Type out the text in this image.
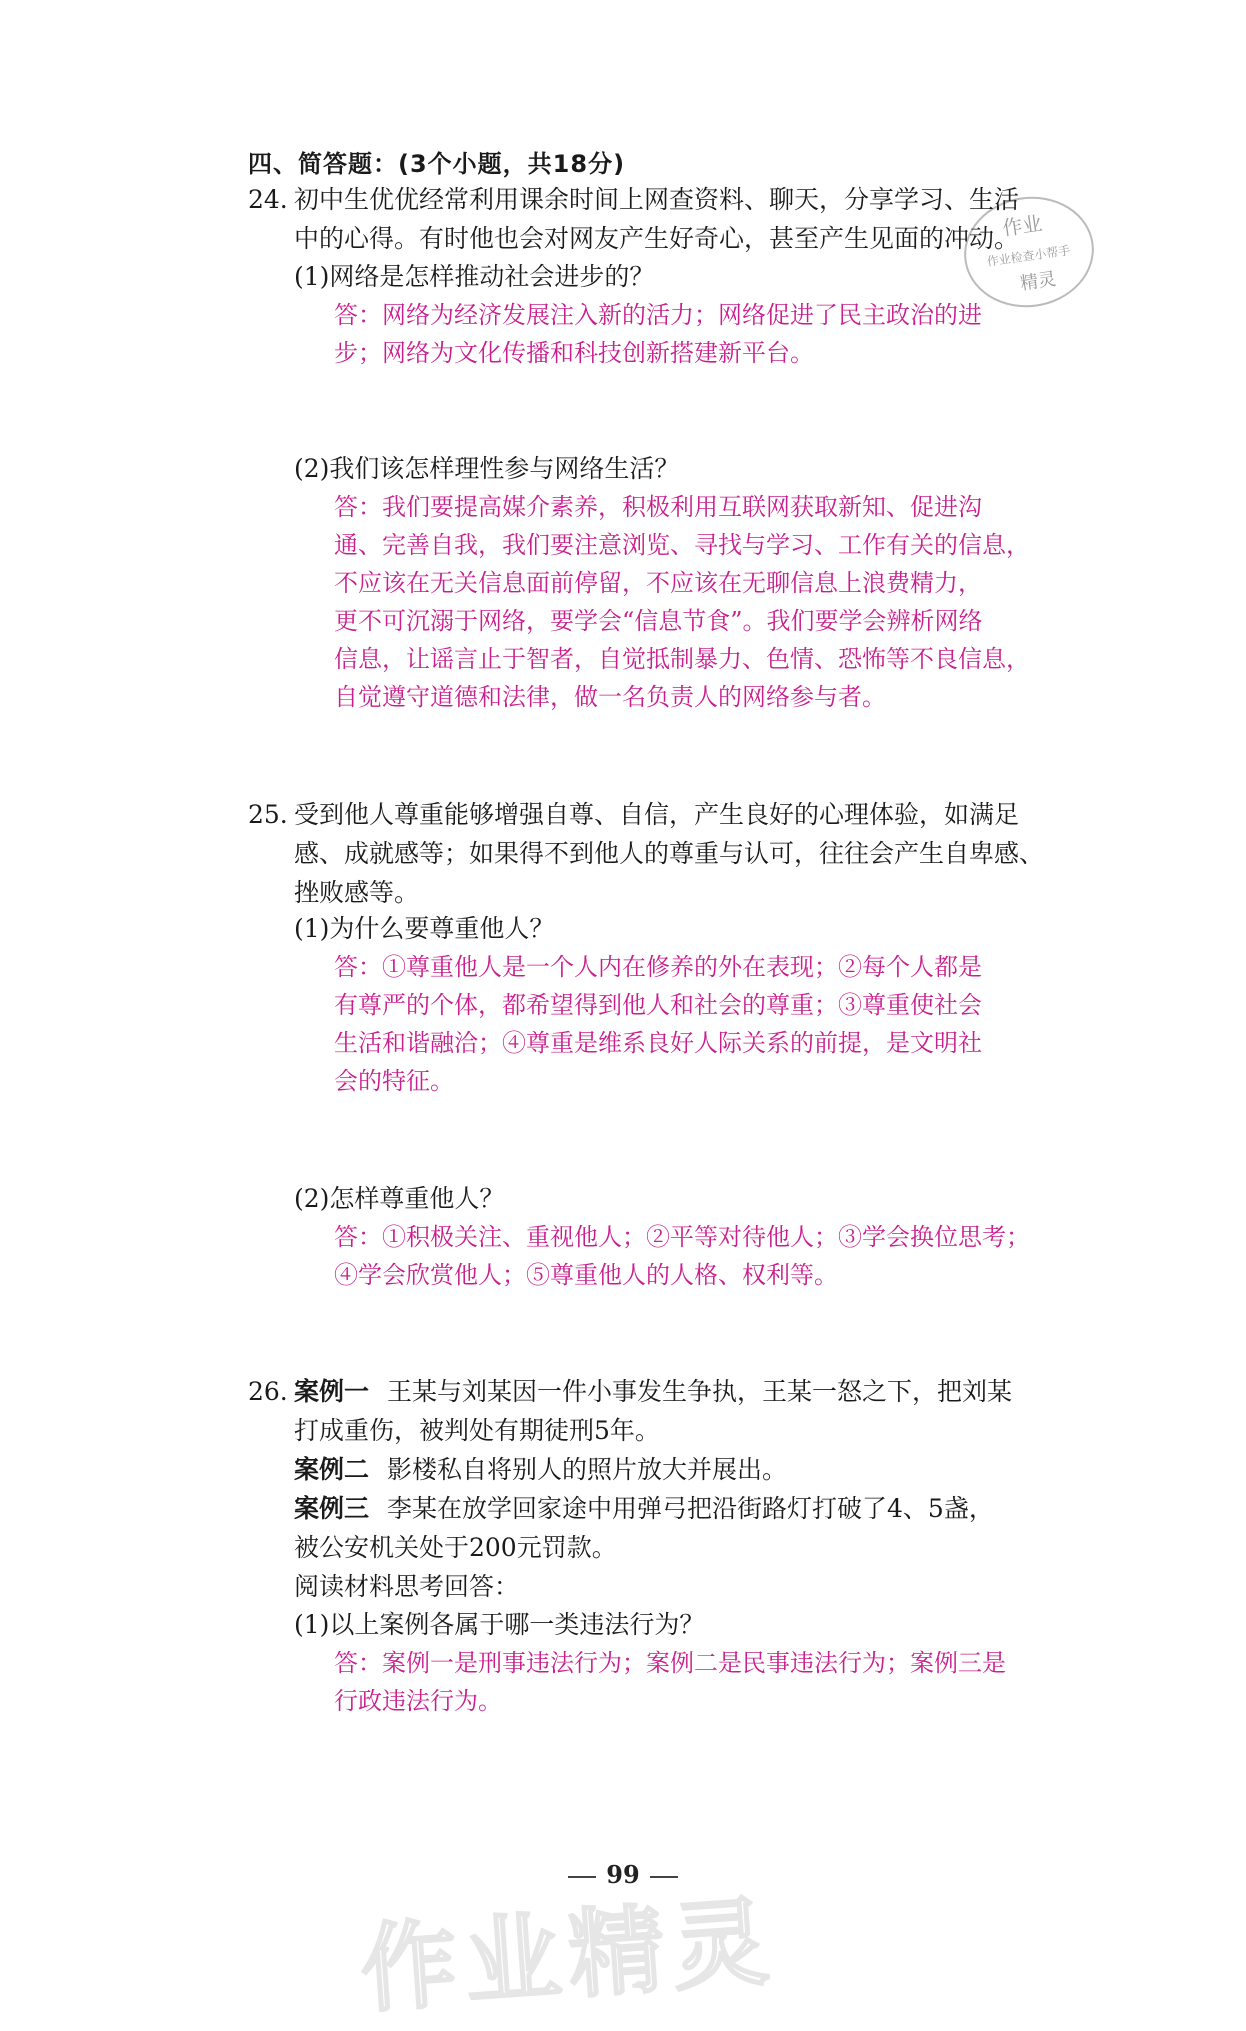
四、简答题：(3个小题，共18分)
作业
作业检查小帮手
精灵
24. 初中生优优经常利用课余时间上网查资料、聊天，分享学习、生活
中的心得。有时他也会对网友产生好奇心，甚至产生见面的冲动。
(1)网络是怎样推动社会进步的？
答：网络为经济发展注入新的活力；网络促进了民主政治的进
步；网络为文化传播和科技创新搭建新平台。
(2)我们该怎样理性参与网络生活？
答：我们要提高媒介素养，积极利用互联网获取新知、促进沟
通、完善自我，我们要注意浏览、寻找与学习、工作有关的信息，
不应该在无关信息面前停留，不应该在无聊信息上浪费精力，
更不可沉溺于网络，要学会“信息节食”。我们要学会辨析网络
信息，让谣言止于智者，自觉抵制暴力、色情、恐怖等不良信息，
自觉遵守道德和法律，做一名负责人的网络参与者。
25. 受到他人尊重能够增强自尊、自信，产生良好的心理体验，如满足
感、成就感等；如果得不到他人的尊重与认可，往往会产生自卑感、
挫败感等。
(1)为什么要尊重他人？
答：①尊重他人是一个人内在修养的外在表现；②每个人都是
有尊严的个体，都希望得到他人和社会的尊重；③尊重使社会
生活和谐融洽；④尊重是维系良好人际关系的前提，是文明社
会的特征。
(2)怎样尊重他人？
答：①积极关注、重视他人；②平等对待他人；③学会换位思考；
④学会欣赏他人；⑤尊重他人的人格、权利等。
26. 案例一 王某与刘某因一件小事发生争执，王某一怒之下，把刘某
打成重伤，被判处有期徒刑5年。
案例二 影楼私自将别人的照片放大并展出。
案例三 李某在放学回家途中用弹弓把沿街路灯打破了4、5盏，
被公安机关处于200元罚款。
阅读材料思考回答：
(1)以上案例各属于哪一类违法行为？
答：案例一是刑事违法行为；案例二是民事违法行为；案例三是
行政违法行为。
99
作业精灵
